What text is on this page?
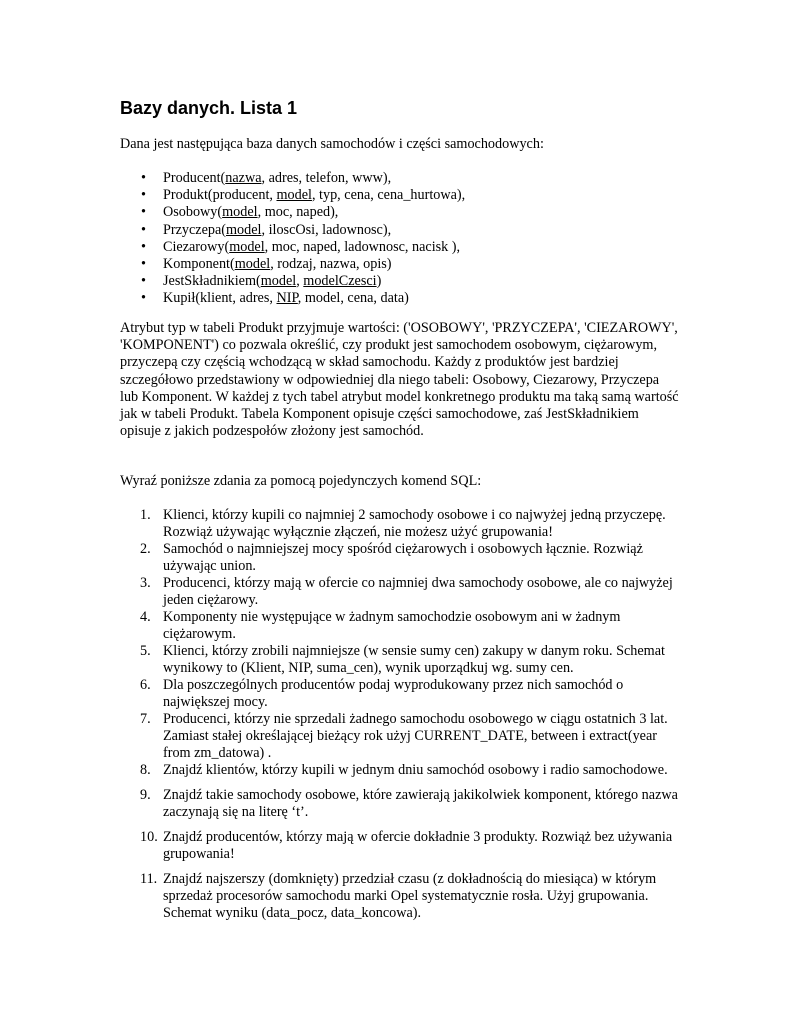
Bazy danych. Lista 1

Dana jest następująca baza danych samochodów i części samochodowych:

• Producent(nazwa, adres, telefon, www),
• Produkt(producent, model, typ, cena, cena_hurtowa),
• Osobowy(model, moc, naped),
• Przyczepa(model, iloscOsi, ladownosc),
• Ciezarowy(model, moc, naped, ladownosc, nacisk ),
• Komponent(model, rodzaj, nazwa, opis)
• JestSkładnikiem(model, modelCzesci)
• Kupił(klient, adres, NIP, model, cena, data)

Atrybut typ w tabeli Produkt przyjmuje wartości: ('OSOBOWY', 'PRZYCZEPA', 'CIEZAROWY', 'KOMPONENT') co pozwala określić, czy produkt jest samochodem osobowym, ciężarowym, przyczepą czy częścią wchodzącą w skład samochodu. Każdy z produktów jest bardziej szczegółowo przedstawiony w odpowiedniej dla niego tabeli: Osobowy, Ciezarowy, Przyczepa lub Komponent. W każdej z tych tabel atrybut model konkretnego produktu ma taką samą wartość jak w tabeli Produkt. Tabela Komponent opisuje części samochodowe, zaś JestSkładnikiem opisuje z jakich podzespołów złożony jest samochód.

Wyraź poniższe zdania za pomocą pojedynczych komend SQL:

1. Klienci, którzy kupili co najmniej 2 samochody osobowe i co najwyżej jedną przyczepę. Rozwiąż używając wyłącznie złączeń, nie możesz użyć grupowania!
2. Samochód o najmniejszej mocy spośród ciężarowych i osobowych łącznie. Rozwiąż używając union.
3. Producenci, którzy mają w ofercie co najmniej dwa samochody osobowe, ale co najwyżej jeden ciężarowy.
4. Komponenty nie występujące w żadnym samochodzie osobowym ani w żadnym ciężarowym.
5. Klienci, którzy zrobili najmniejsze (w sensie sumy cen) zakupy w danym roku. Schemat wynikowy to (Klient, NIP, suma_cen), wynik uporządkuj wg. sumy cen.
6. Dla poszczególnych producentów podaj wyprodukowany przez nich samochód o największej mocy.
7. Producenci, którzy nie sprzedali żadnego samochodu osobowego w ciągu ostatnich 3 lat. Zamiast stałej określającej bieżący rok użyj CURRENT_DATE, between i extract(year from zm_datowa) .
8. Znajdź klientów, którzy kupili w jednym dniu samochód osobowy i radio samochodowe.
9. Znajdź takie samochody osobowe, które zawierają jakikolwiek komponent, którego nazwa zaczynają się na literę ‘t’.
10. Znajdź producentów, którzy mają w ofercie dokładnie 3 produkty. Rozwiąż bez używania grupowania!
11. Znajdź najszerszy (domknięty) przedział czasu (z dokładnością do miesiąca) w którym sprzedaż procesorów samochodu marki Opel systematycznie rosła. Użyj grupowania. Schemat wyniku (data_pocz, data_koncowa).
